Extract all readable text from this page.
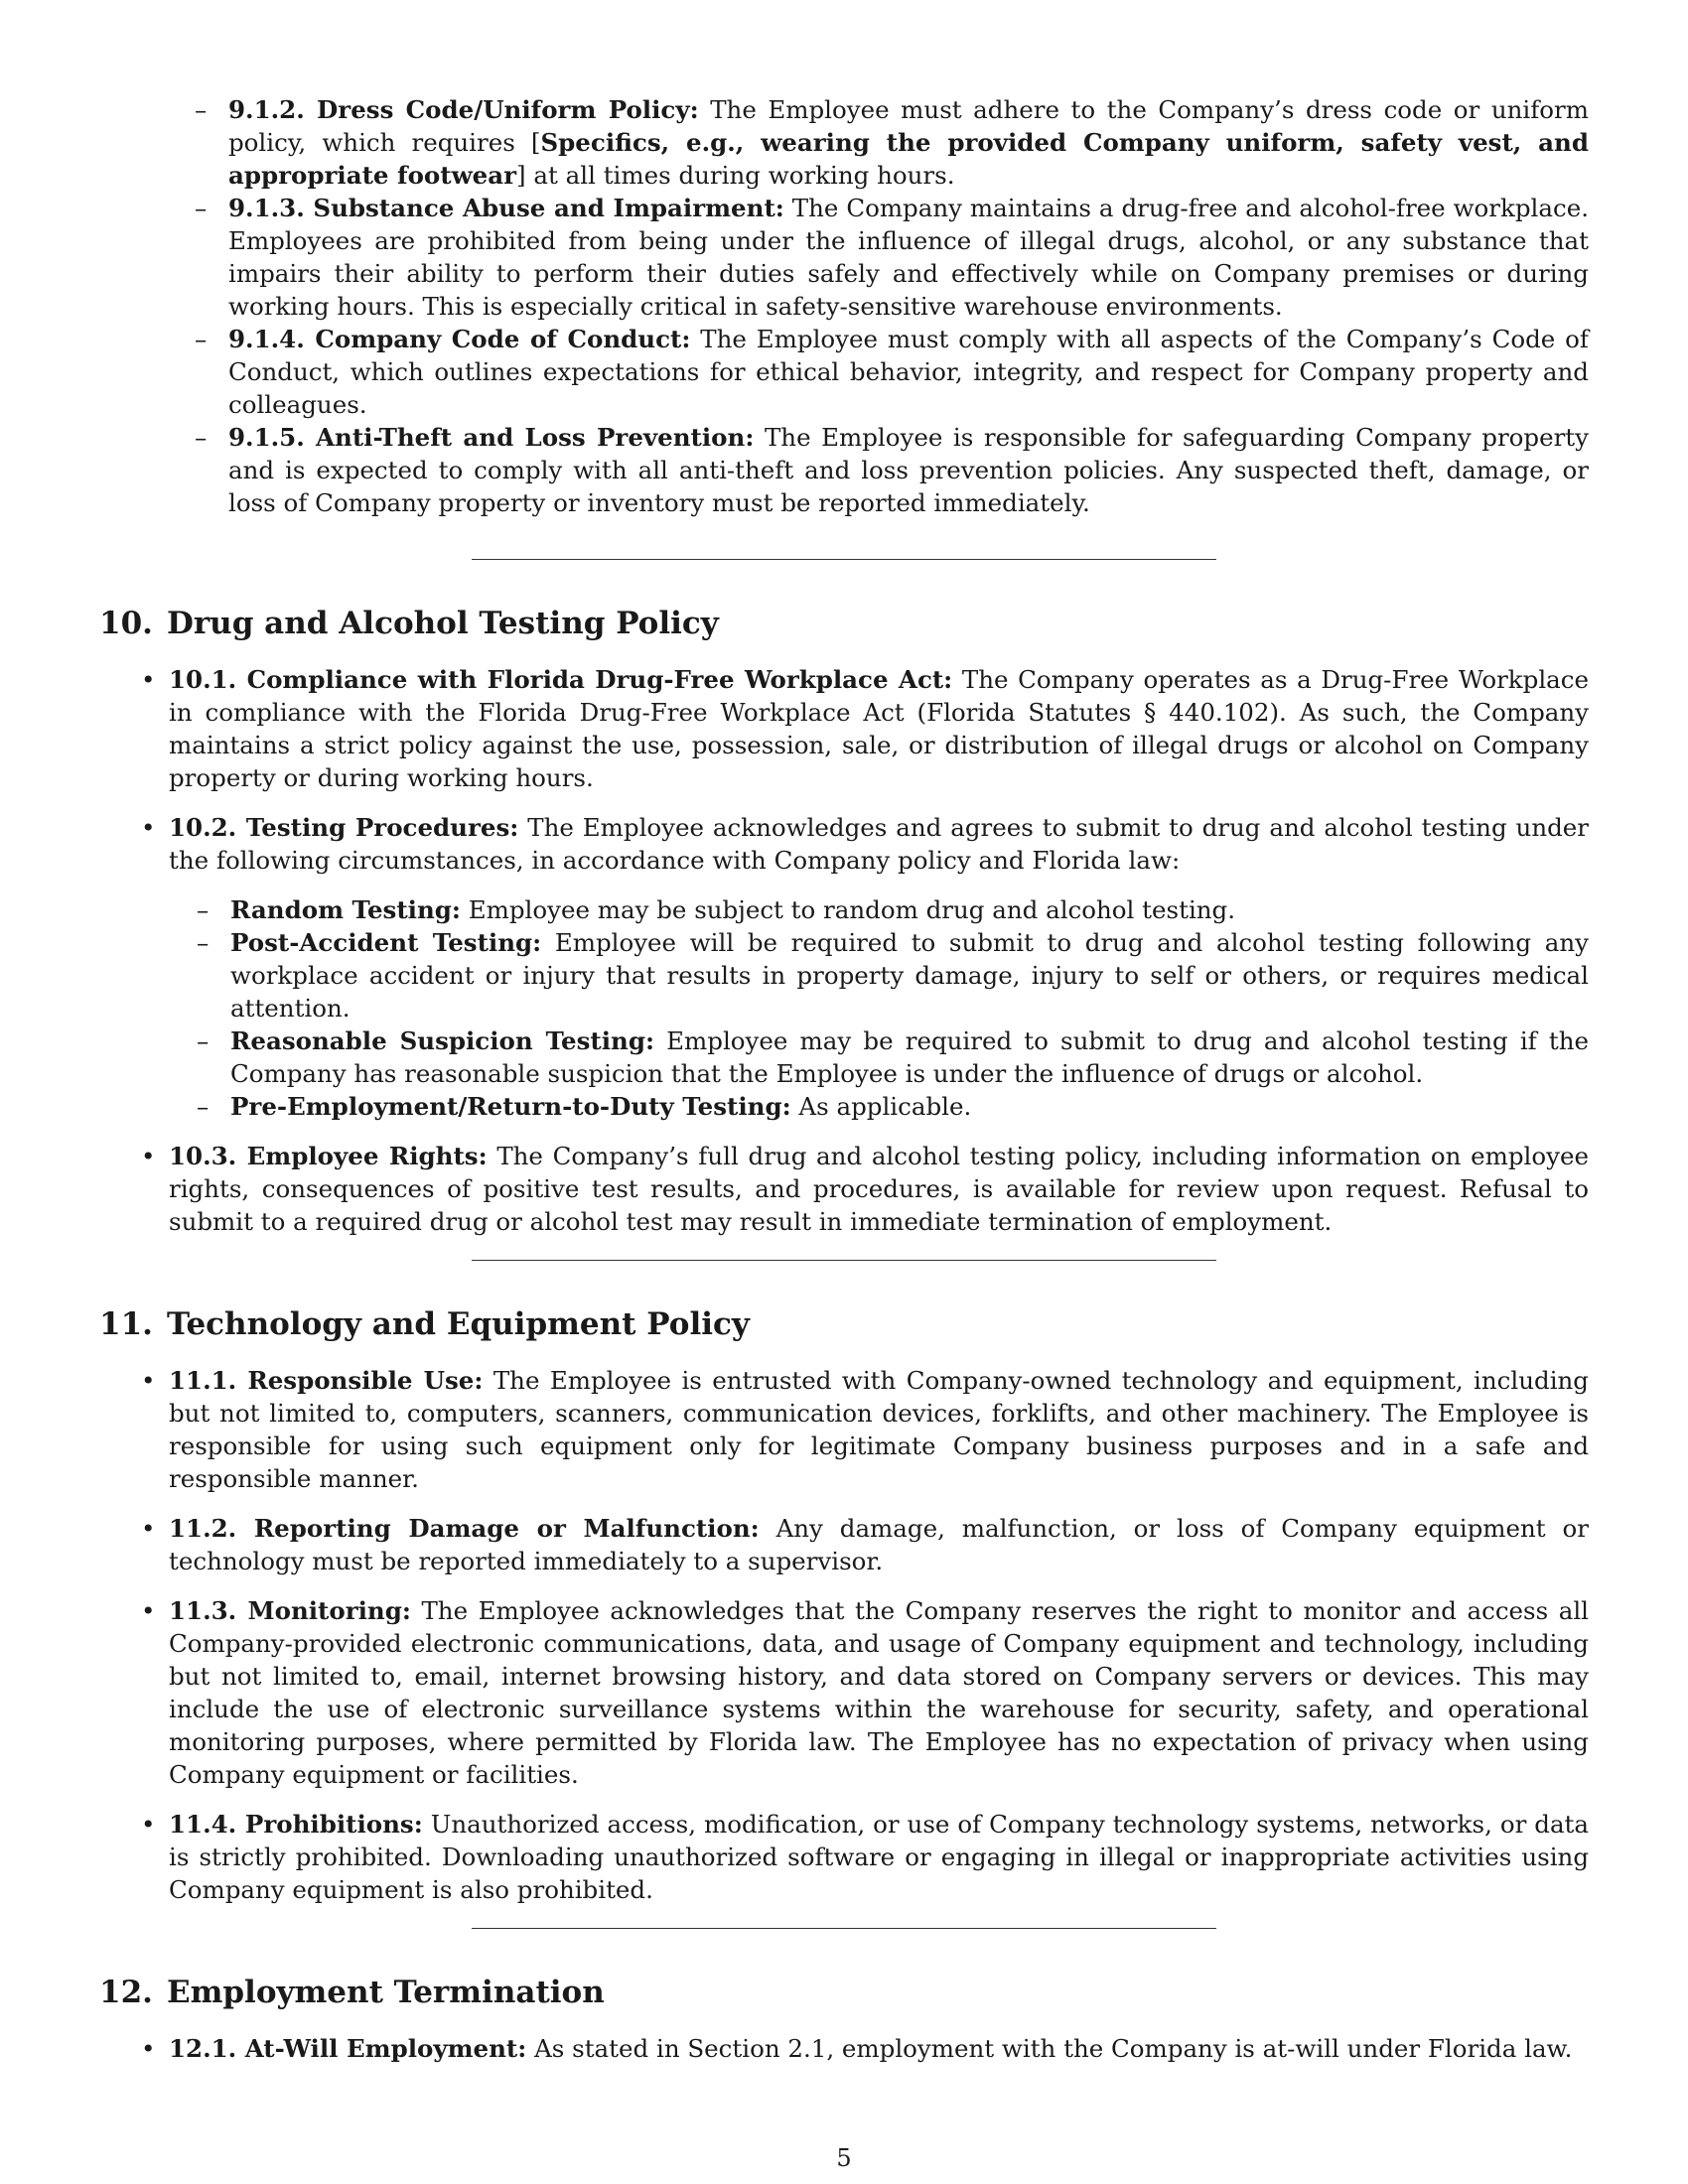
– 9.1.2. Dress Code/Uniform Policy: The Employee must adhere to the Company’s dress code or uniform policy, which requires [Specifics, e.g., wearing the provided Company uniform, safety vest, and appropriate footwear] at all times during working hours.
– 9.1.3. Substance Abuse and Impairment: The Company maintains a drug-free and alcohol-free workplace. Employees are prohibited from being under the influence of illegal drugs, alcohol, or any substance that impairs their ability to perform their duties safely and effectively while on Company premises or during working hours. This is especially critical in safety-sensitive warehouse environments.
– 9.1.4. Company Code of Conduct: The Employee must comply with all aspects of the Company’s Code of Conduct, which outlines expectations for ethical behavior, integrity, and respect for Company property and colleagues.
– 9.1.5. Anti-Theft and Loss Prevention: The Employee is responsible for safeguarding Company property and is expected to comply with all anti-theft and loss prevention policies. Any suspected theft, damage, or loss of Company property or inventory must be reported immediately.
10. Drug and Alcohol Testing Policy
• 10.1. Compliance with Florida Drug-Free Workplace Act: The Company operates as a Drug-Free Workplace in compliance with the Florida Drug-Free Workplace Act (Florida Statutes § 440.102). As such, the Company maintains a strict policy against the use, possession, sale, or distribution of illegal drugs or alcohol on Company property or during working hours.
• 10.2. Testing Procedures: The Employee acknowledges and agrees to submit to drug and alcohol testing under the following circumstances, in accordance with Company policy and Florida law:
– Random Testing: Employee may be subject to random drug and alcohol testing.
– Post-Accident Testing: Employee will be required to submit to drug and alcohol testing following any workplace accident or injury that results in property damage, injury to self or others, or requires medical attention.
– Reasonable Suspicion Testing: Employee may be required to submit to drug and alcohol testing if the Company has reasonable suspicion that the Employee is under the influence of drugs or alcohol.
– Pre-Employment/Return-to-Duty Testing: As applicable.
• 10.3. Employee Rights: The Company’s full drug and alcohol testing policy, including information on employee rights, consequences of positive test results, and procedures, is available for review upon request. Refusal to submit to a required drug or alcohol test may result in immediate termination of employment.
11. Technology and Equipment Policy
• 11.1. Responsible Use: The Employee is entrusted with Company-owned technology and equipment, including but not limited to, computers, scanners, communication devices, forklifts, and other machinery. The Employee is responsible for using such equipment only for legitimate Company business purposes and in a safe and responsible manner.
• 11.2. Reporting Damage or Malfunction: Any damage, malfunction, or loss of Company equipment or technology must be reported immediately to a supervisor.
• 11.3. Monitoring: The Employee acknowledges that the Company reserves the right to monitor and access all Company-provided electronic communications, data, and usage of Company equipment and technology, including but not limited to, email, internet browsing history, and data stored on Company servers or devices. This may include the use of electronic surveillance systems within the warehouse for security, safety, and operational monitoring purposes, where permitted by Florida law. The Employee has no expectation of privacy when using Company equipment or facilities.
• 11.4. Prohibitions: Unauthorized access, modification, or use of Company technology systems, networks, or data is strictly prohibited. Downloading unauthorized software or engaging in illegal or inappropriate activities using Company equipment is also prohibited.
12. Employment Termination
• 12.1. At-Will Employment: As stated in Section 2.1, employment with the Company is at-will under Florida law.
5
